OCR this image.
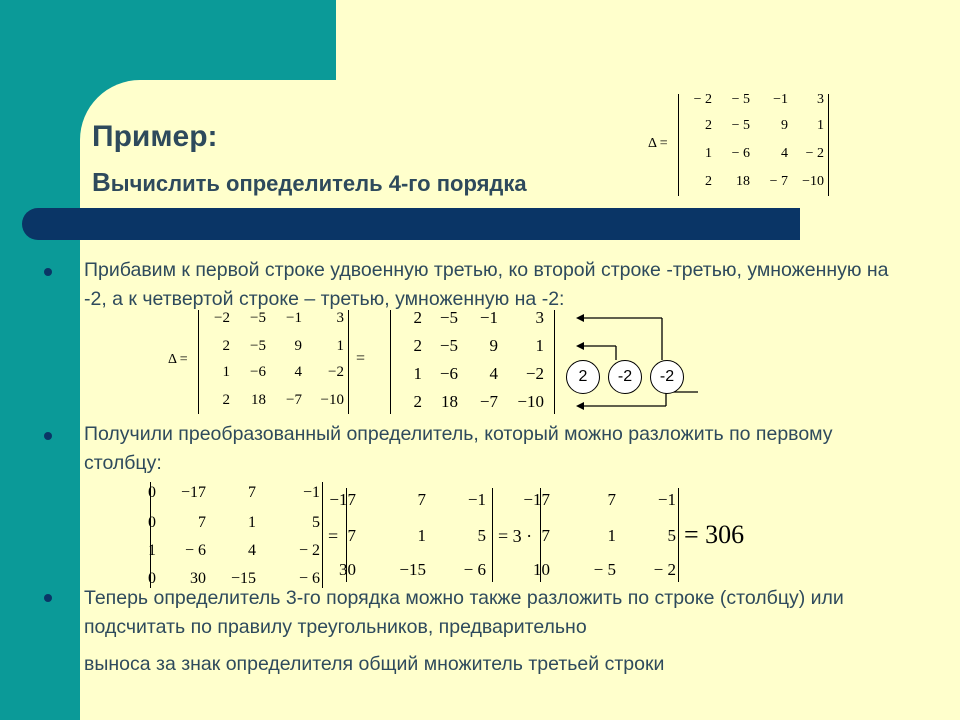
Пример:
Вычислить определитель 4-го порядка
Δ =
− 2	− 5	−1	3
2	− 5	9	1
1	− 6	4	− 2
2	18	− 7	−10
Прибавим к первой строке удвоенную третью, ко второй строке -третью, умноженную на -2, а к четвертой строке – третью, умноженную на -2:
Δ =
−2	−5	−1	3
2	−5	9	1
1	−6	4	−2
2	18	−7	−10
=
2	−5	−1	3
2	−5	9	1
1	−6	4	−2
2	18	−7	−10
2	-2	-2
Получили преобразованный определитель, который можно разложить по первому столбцу:
0	−17	7	−1
0	7	1	5
1	− 6	4	− 2
0	30	−15	− 6
=
−17	7	−1
7	1	5
30	−15	− 6
= 3 ·
−17	7	−1
7	1	5
10	− 5	− 2
= 306
Теперь определитель 3-го порядка можно также разложить по строке (столбцу) или подсчитать по правилу треугольников, предварительно
выноса за знак определителя общий множитель третьей строки
